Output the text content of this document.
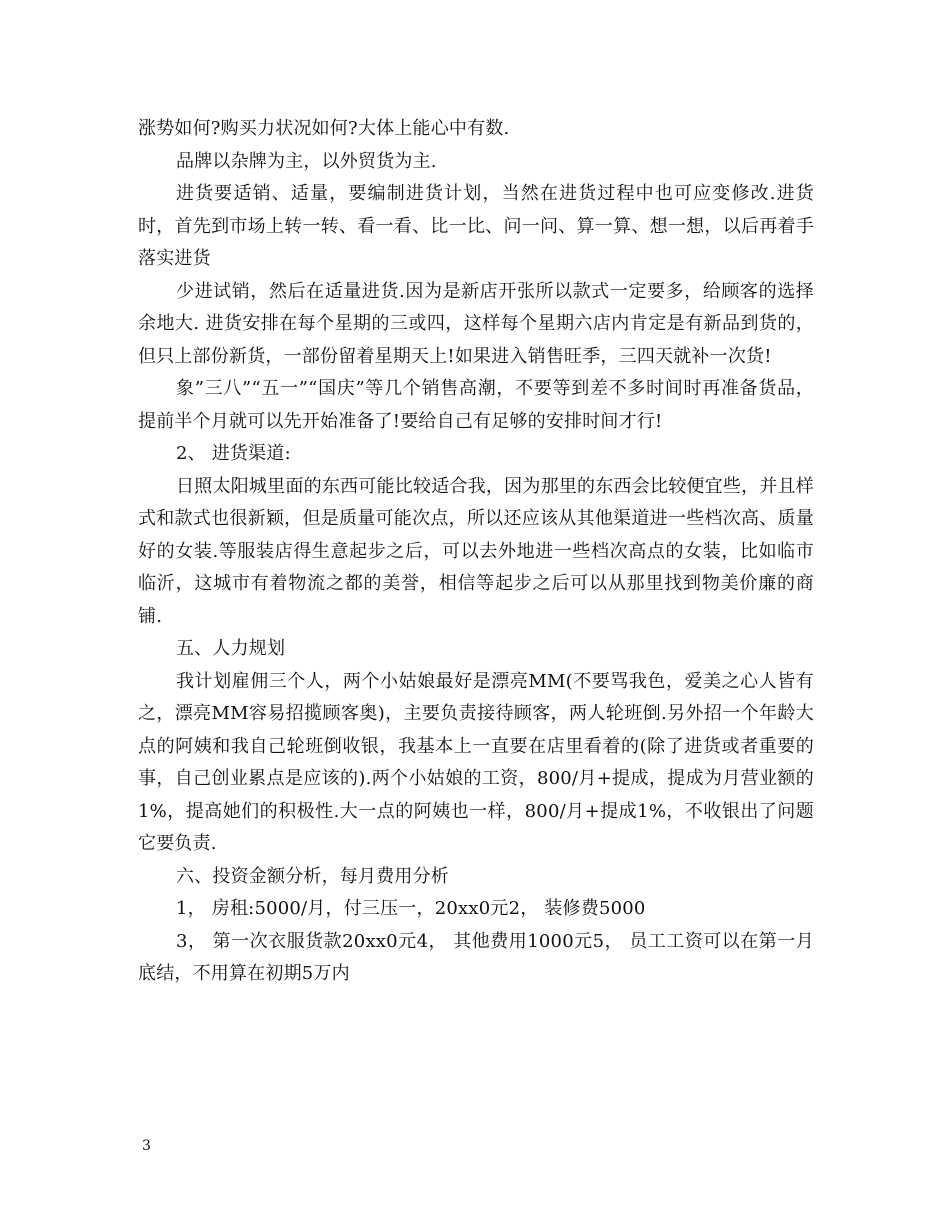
涨势如何?购买力状况如何?大体上能心中有数.

品牌以杂牌为主，以外贸货为主.

进货要适销、适量，要编制进货计划，当然在进货过程中也可应变修改.进货时，首先到市场上转一转、看一看、比一比、问一问、算一算、想一想，以后再着手落实进货

少进试销，然后在适量进货.因为是新店开张所以款式一定要多，给顾客的选择余地大. 进货安排在每个星期的三或四，这样每个星期六店内肯定是有新品到货的，但只上部份新货，一部份留着星期天上!如果进入销售旺季，三四天就补一次货!

象”三八”“五一”“国庆”等几个销售高潮，不要等到差不多时间时再准备货品，提前半个月就可以先开始准备了!要给自己有足够的安排时间才行!

2、 进货渠道:

日照太阳城里面的东西可能比较适合我，因为那里的东西会比较便宜些，并且样式和款式也很新颖，但是质量可能次点，所以还应该从其他渠道进一些档次高、质量好的女装.等服装店得生意起步之后，可以去外地进一些档次高点的女装，比如临市临沂，这城市有着物流之都的美誉，相信等起步之后可以从那里找到物美价廉的商铺.

五、人力规划

我计划雇佣三个人，两个小姑娘最好是漂亮MM(不要骂我色，爱美之心人皆有之，漂亮MM容易招揽顾客奥)，主要负责接待顾客，两人轮班倒.另外招一个年龄大点的阿姨和我自己轮班倒收银，我基本上一直要在店里看着的(除了进货或者重要的事，自己创业累点是应该的).两个小姑娘的工资，800/月+提成，提成为月营业额的1%，提高她们的积极性.大一点的阿姨也一样，800/月+提成1%，不收银出了问题它要负责.

六、投资金额分析，每月费用分析

1， 房租:5000/月，付三压一，20xx0元2， 装修费5000

3， 第一次衣服货款20xx0元4， 其他费用1000元5， 员工工资可以在第一月底结，不用算在初期5万内

3
